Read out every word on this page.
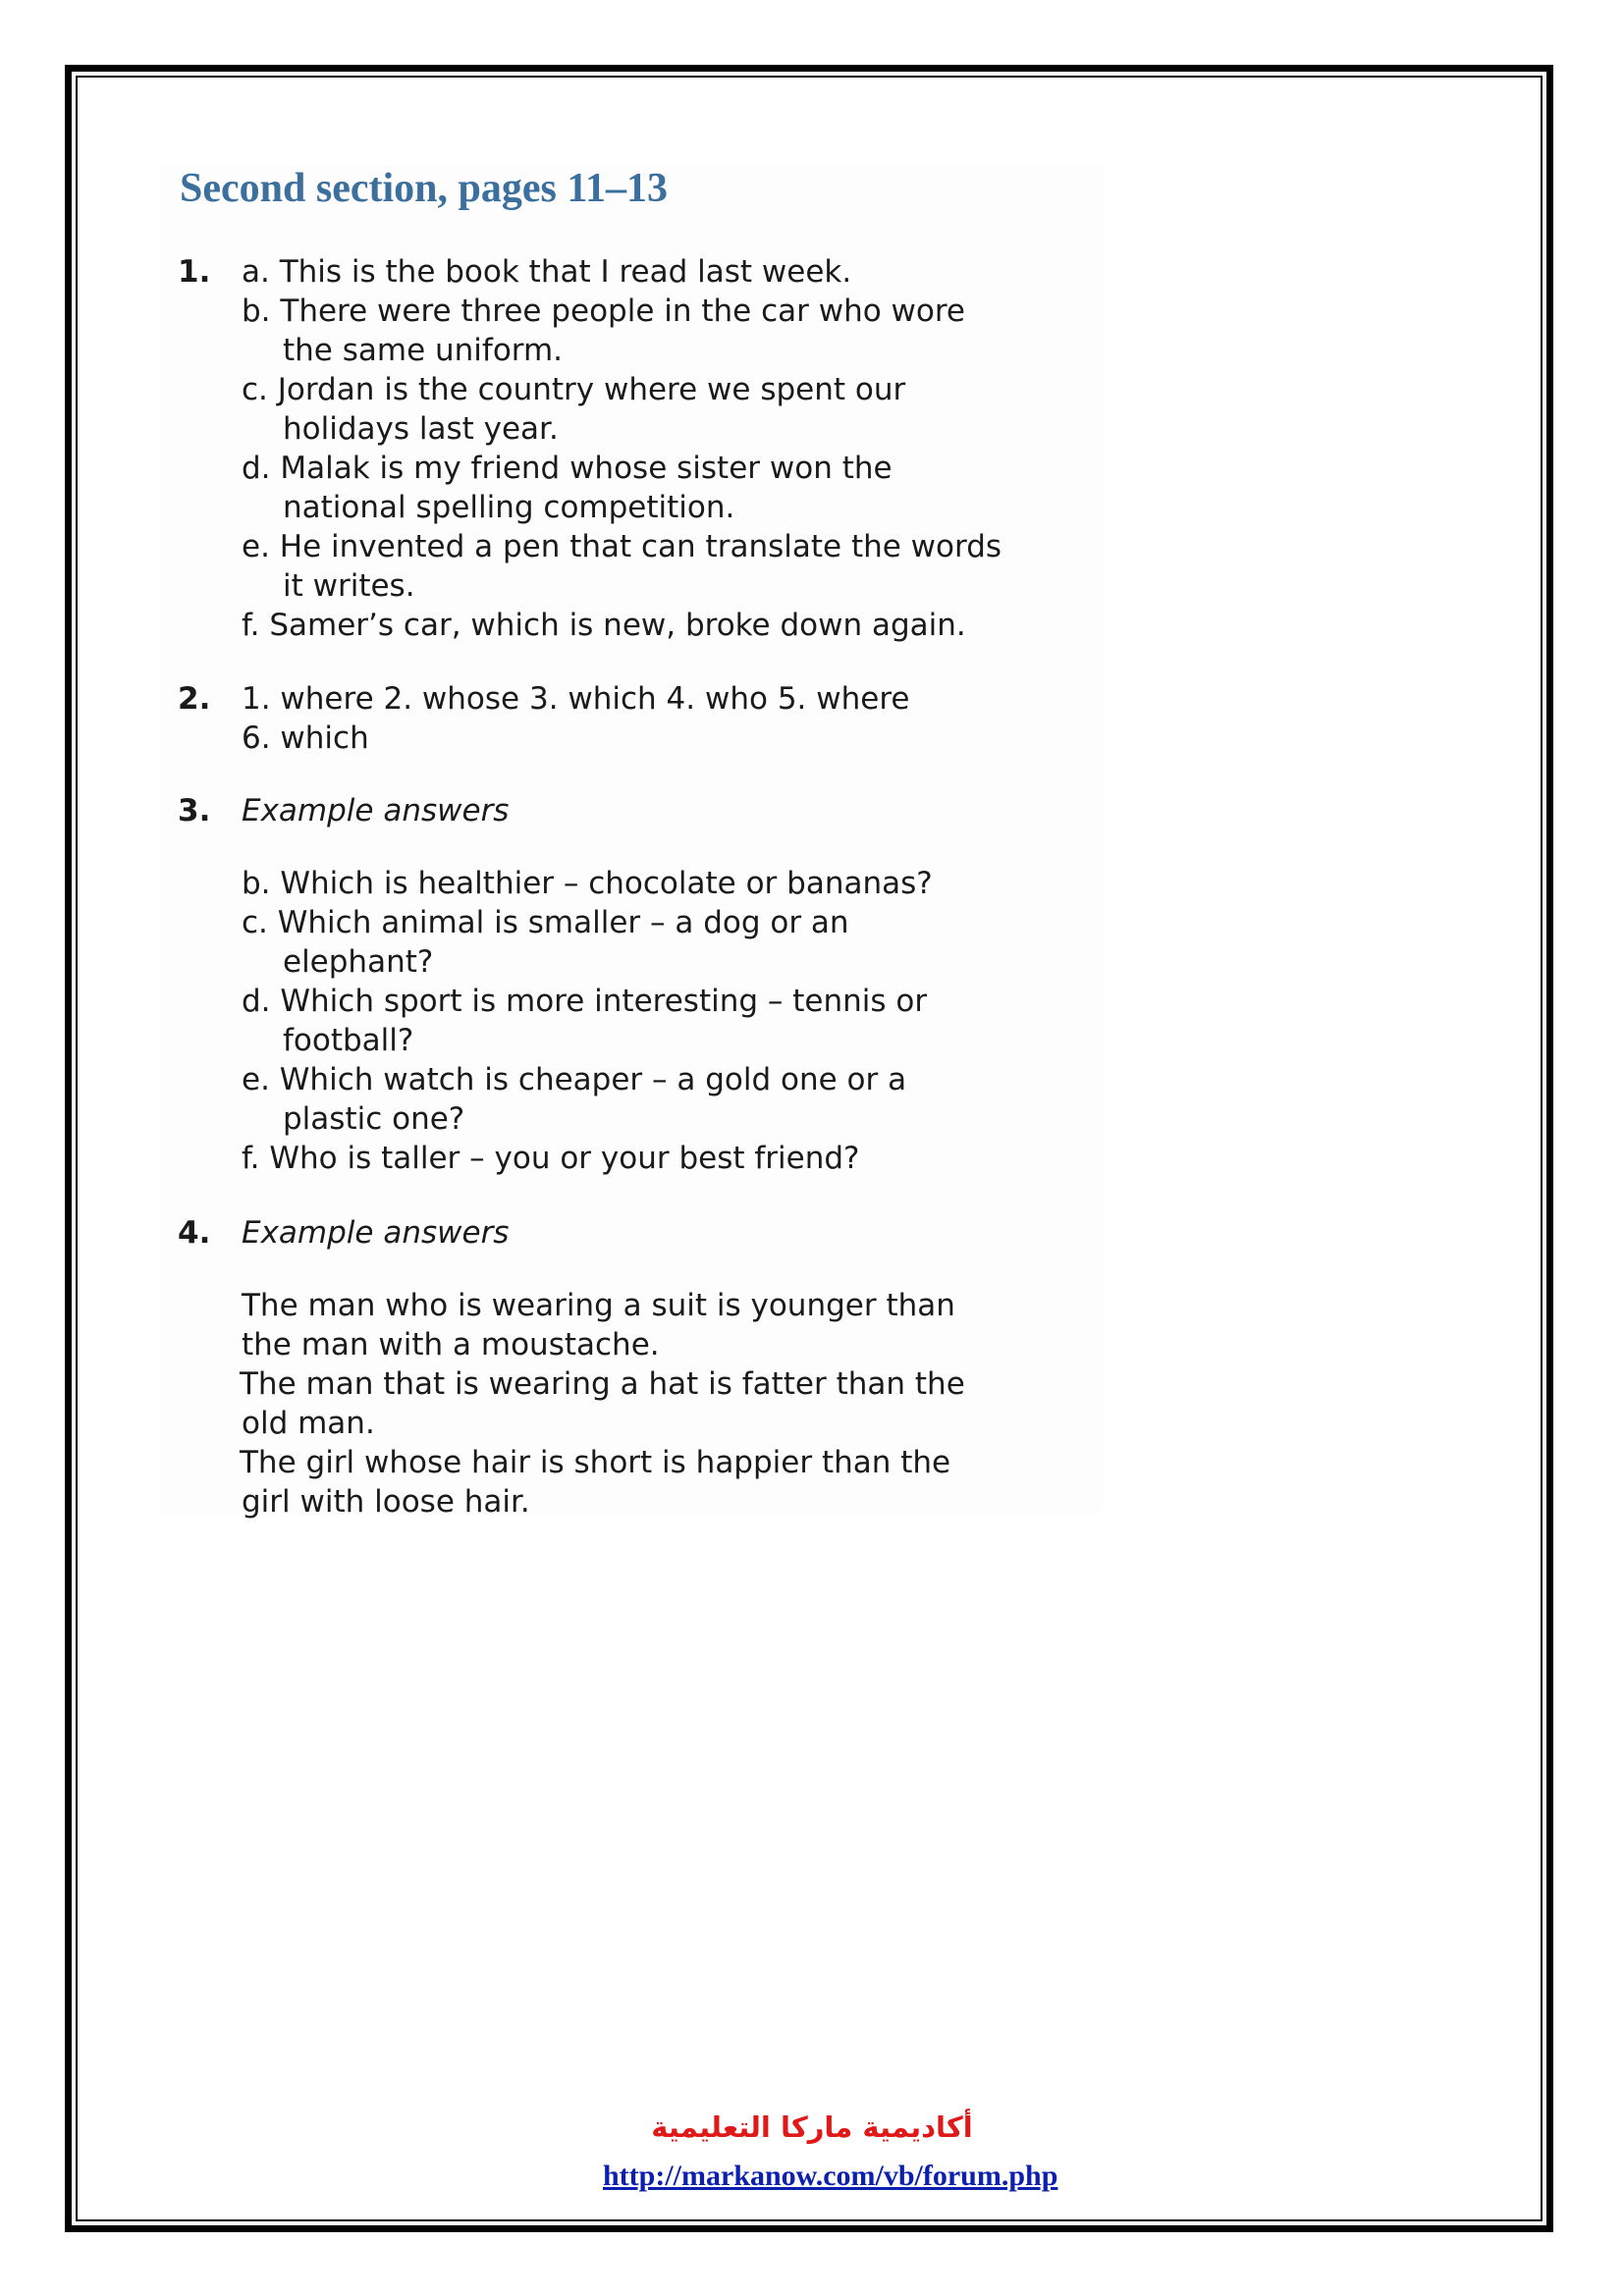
Second section, pages 11–13
1. a. This is the book that I read last week.
b. There were three people in the car who wore
the same uniform.
c. Jordan is the country where we spent our
holidays last year.
d. Malak is my friend whose sister won the
national spelling competition.
e. He invented a pen that can translate the words
it writes.
f. Samer’s car, which is new, broke down again.
2. 1. where 2. whose 3. which 4. who 5. where
6. which
3. Example answers
b. Which is healthier – chocolate or bananas?
c. Which animal is smaller – a dog or an
elephant?
d. Which sport is more interesting – tennis or
football?
e. Which watch is cheaper – a gold one or a
plastic one?
f. Who is taller – you or your best friend?
4. Example answers
The man who is wearing a suit is younger than
the man with a moustache.
The man that is wearing a hat is fatter than the
old man.
The girl whose hair is short is happier than the
girl with loose hair.
أكاديمية ماركا التعليمية
http://markanow.com/vb/forum.php
